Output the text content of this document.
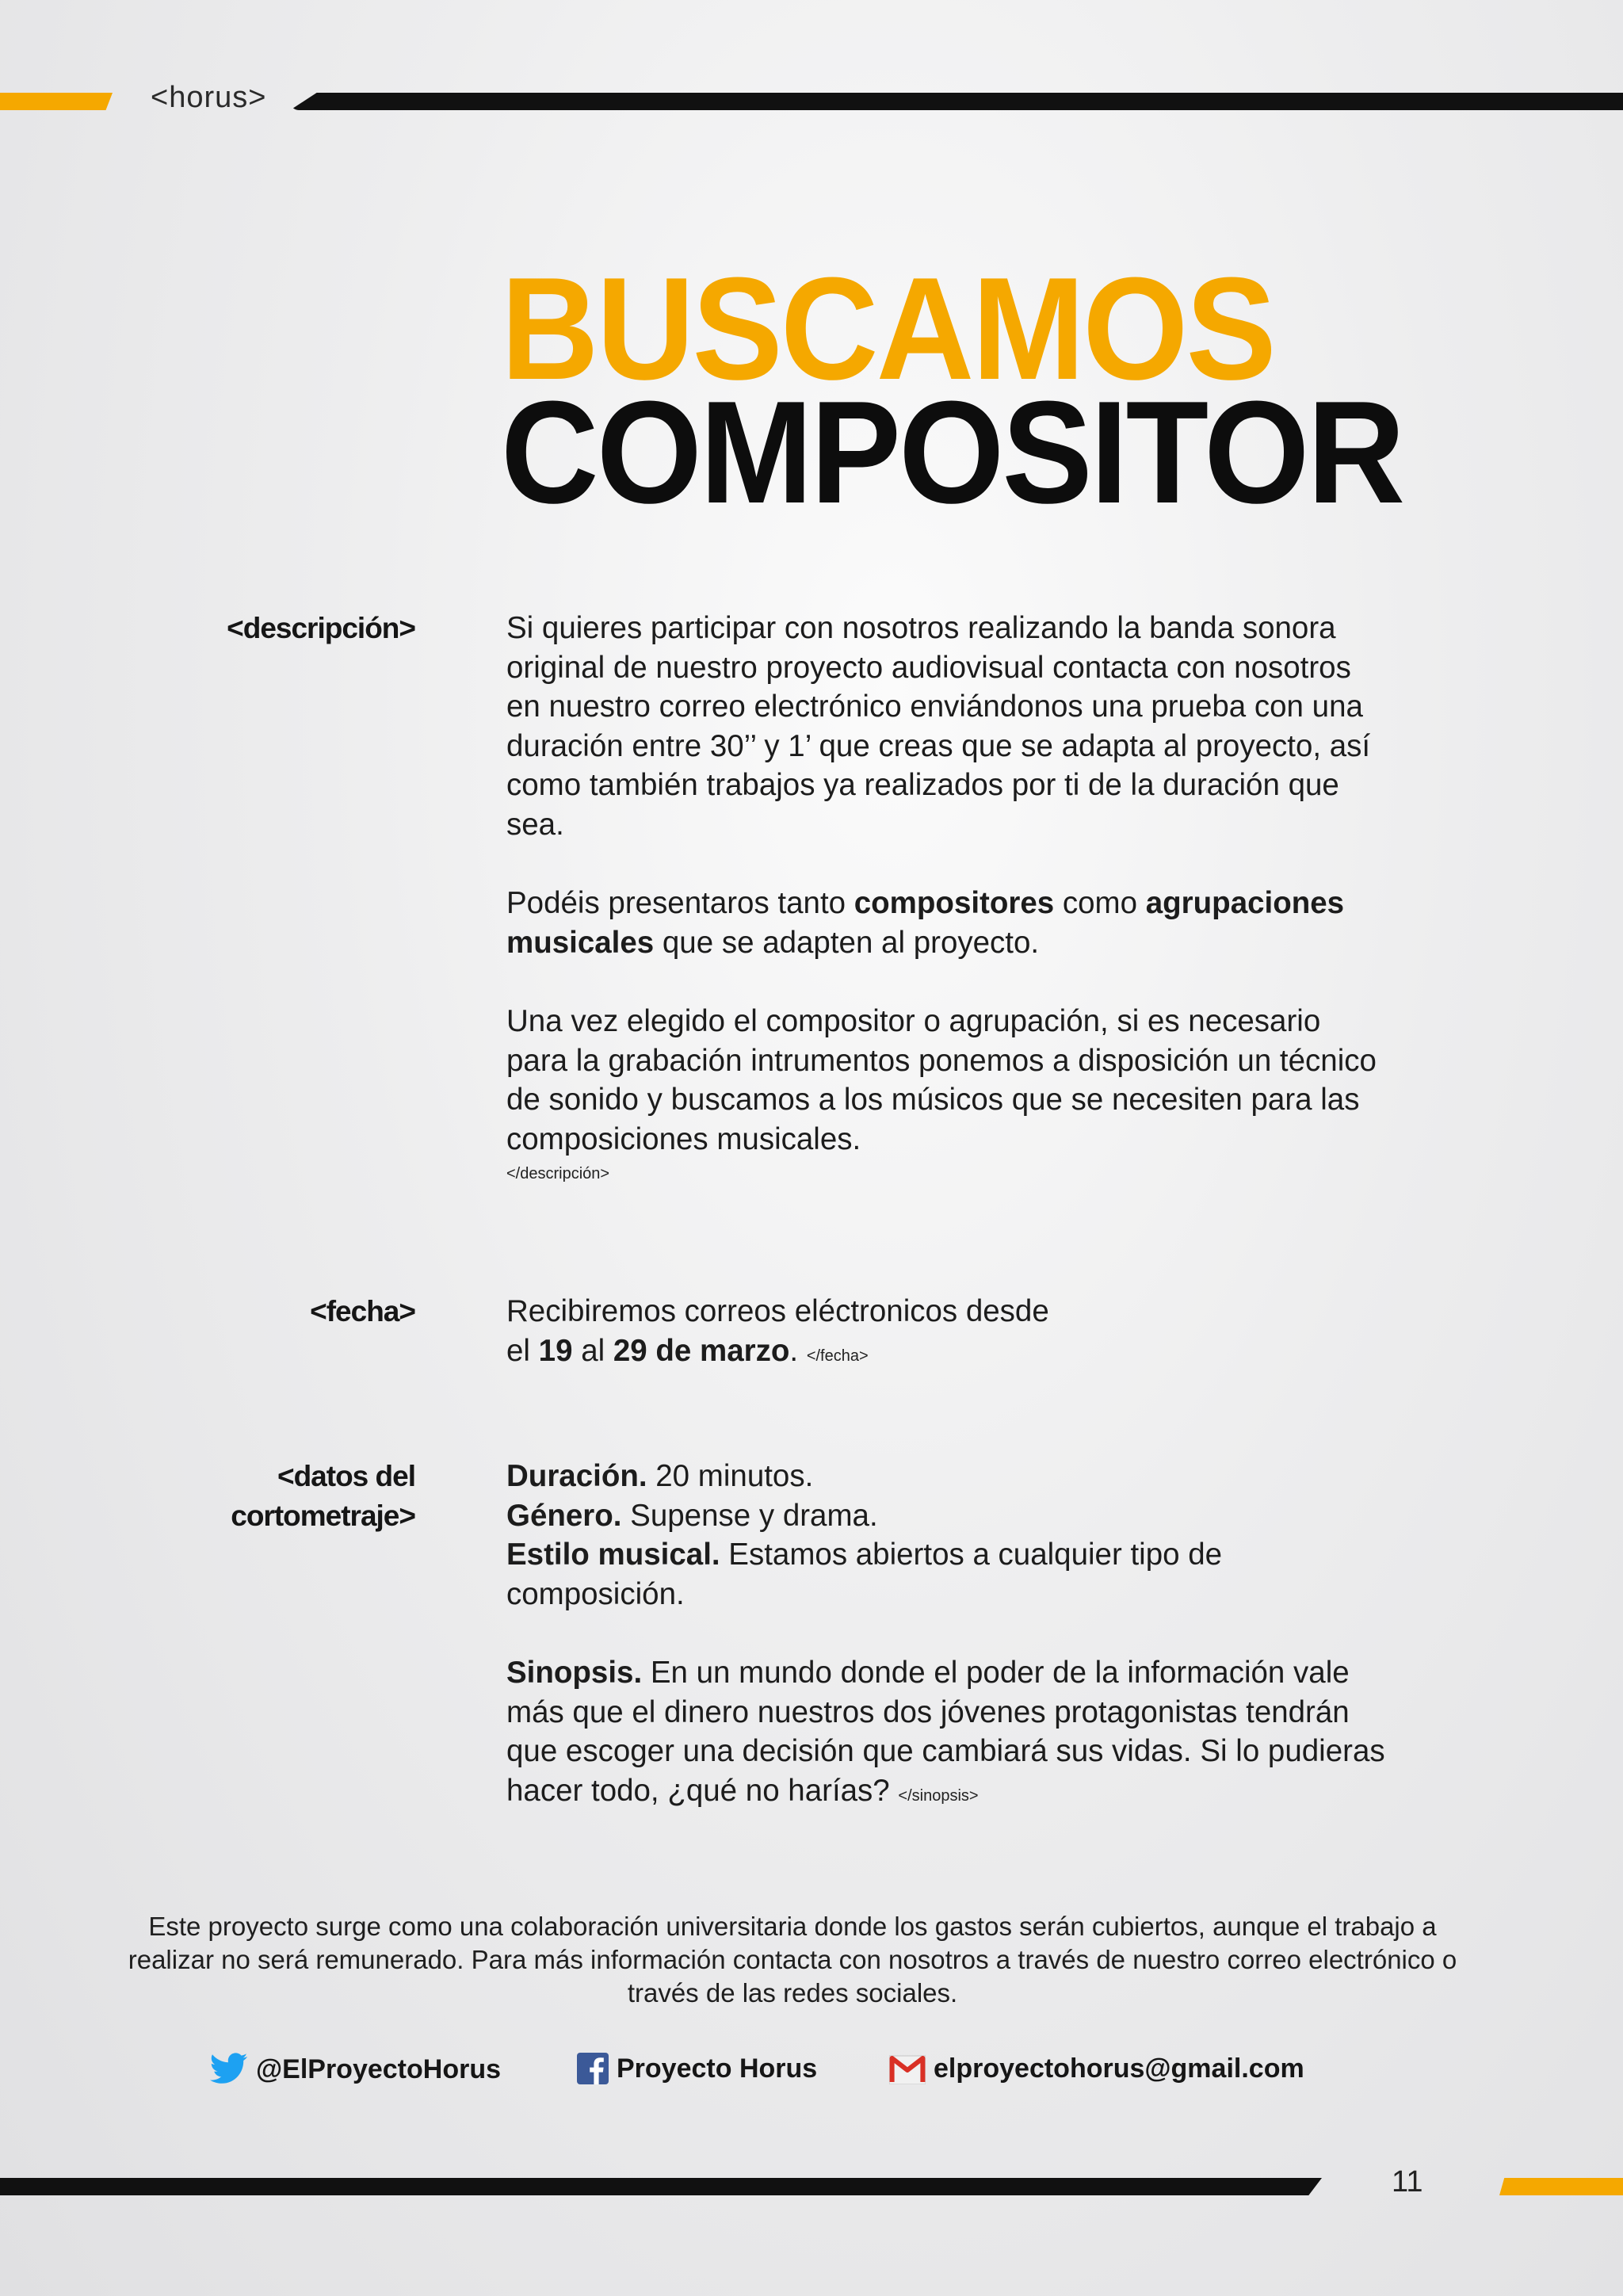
<horus>
BUSCAMOS
COMPOSITOR
<descripción>	Si quieres participar con nosotros realizando la banda sonora original de nuestro proyecto audiovisual contacta con nosotros en nuestro correo electrónico enviándonos una prueba con una duración entre 30’’ y 1’ que creas que se adapta al proyecto, así como también trabajos ya realizados por ti de la duración que sea.

Podéis presentaros tanto compositores como agrupaciones musicales que se adapten al proyecto.

Una vez elegido el compositor o agrupación, si es necesario para la grabación intrumentos ponemos a disposición un técnico de sonido y buscamos a los músicos que se necesiten para las composiciones musicales.

</descripción>
<fecha>	Recibiremos correos eléctronicos desde

el 19 al 29 de marzo. </fecha>

<datos del
cortometraje>

Duración. 20 minutos.

Género. Supense y drama.

Estilo musical. Estamos abiertos a cualquier tipo de composición.

Sinopsis. En un mundo donde el poder de la información vale más que el dinero nuestros dos jóvenes protagonistas tendrán que escoger una decisión que cambiará sus vidas. Si lo pudieras hacer todo, ¿qué no harías? </sinopsis>

Este proyecto surge como una colaboración universitaria donde los gastos serán cubiertos, aunque el trabajo a realizar no será remunerado. Para más información contacta con nosotros a través de nuestro correo electrónico o través de las redes sociales.
@ElProyectoHorus	Proyecto Horus	elproyectohorus@gmail.com
11
